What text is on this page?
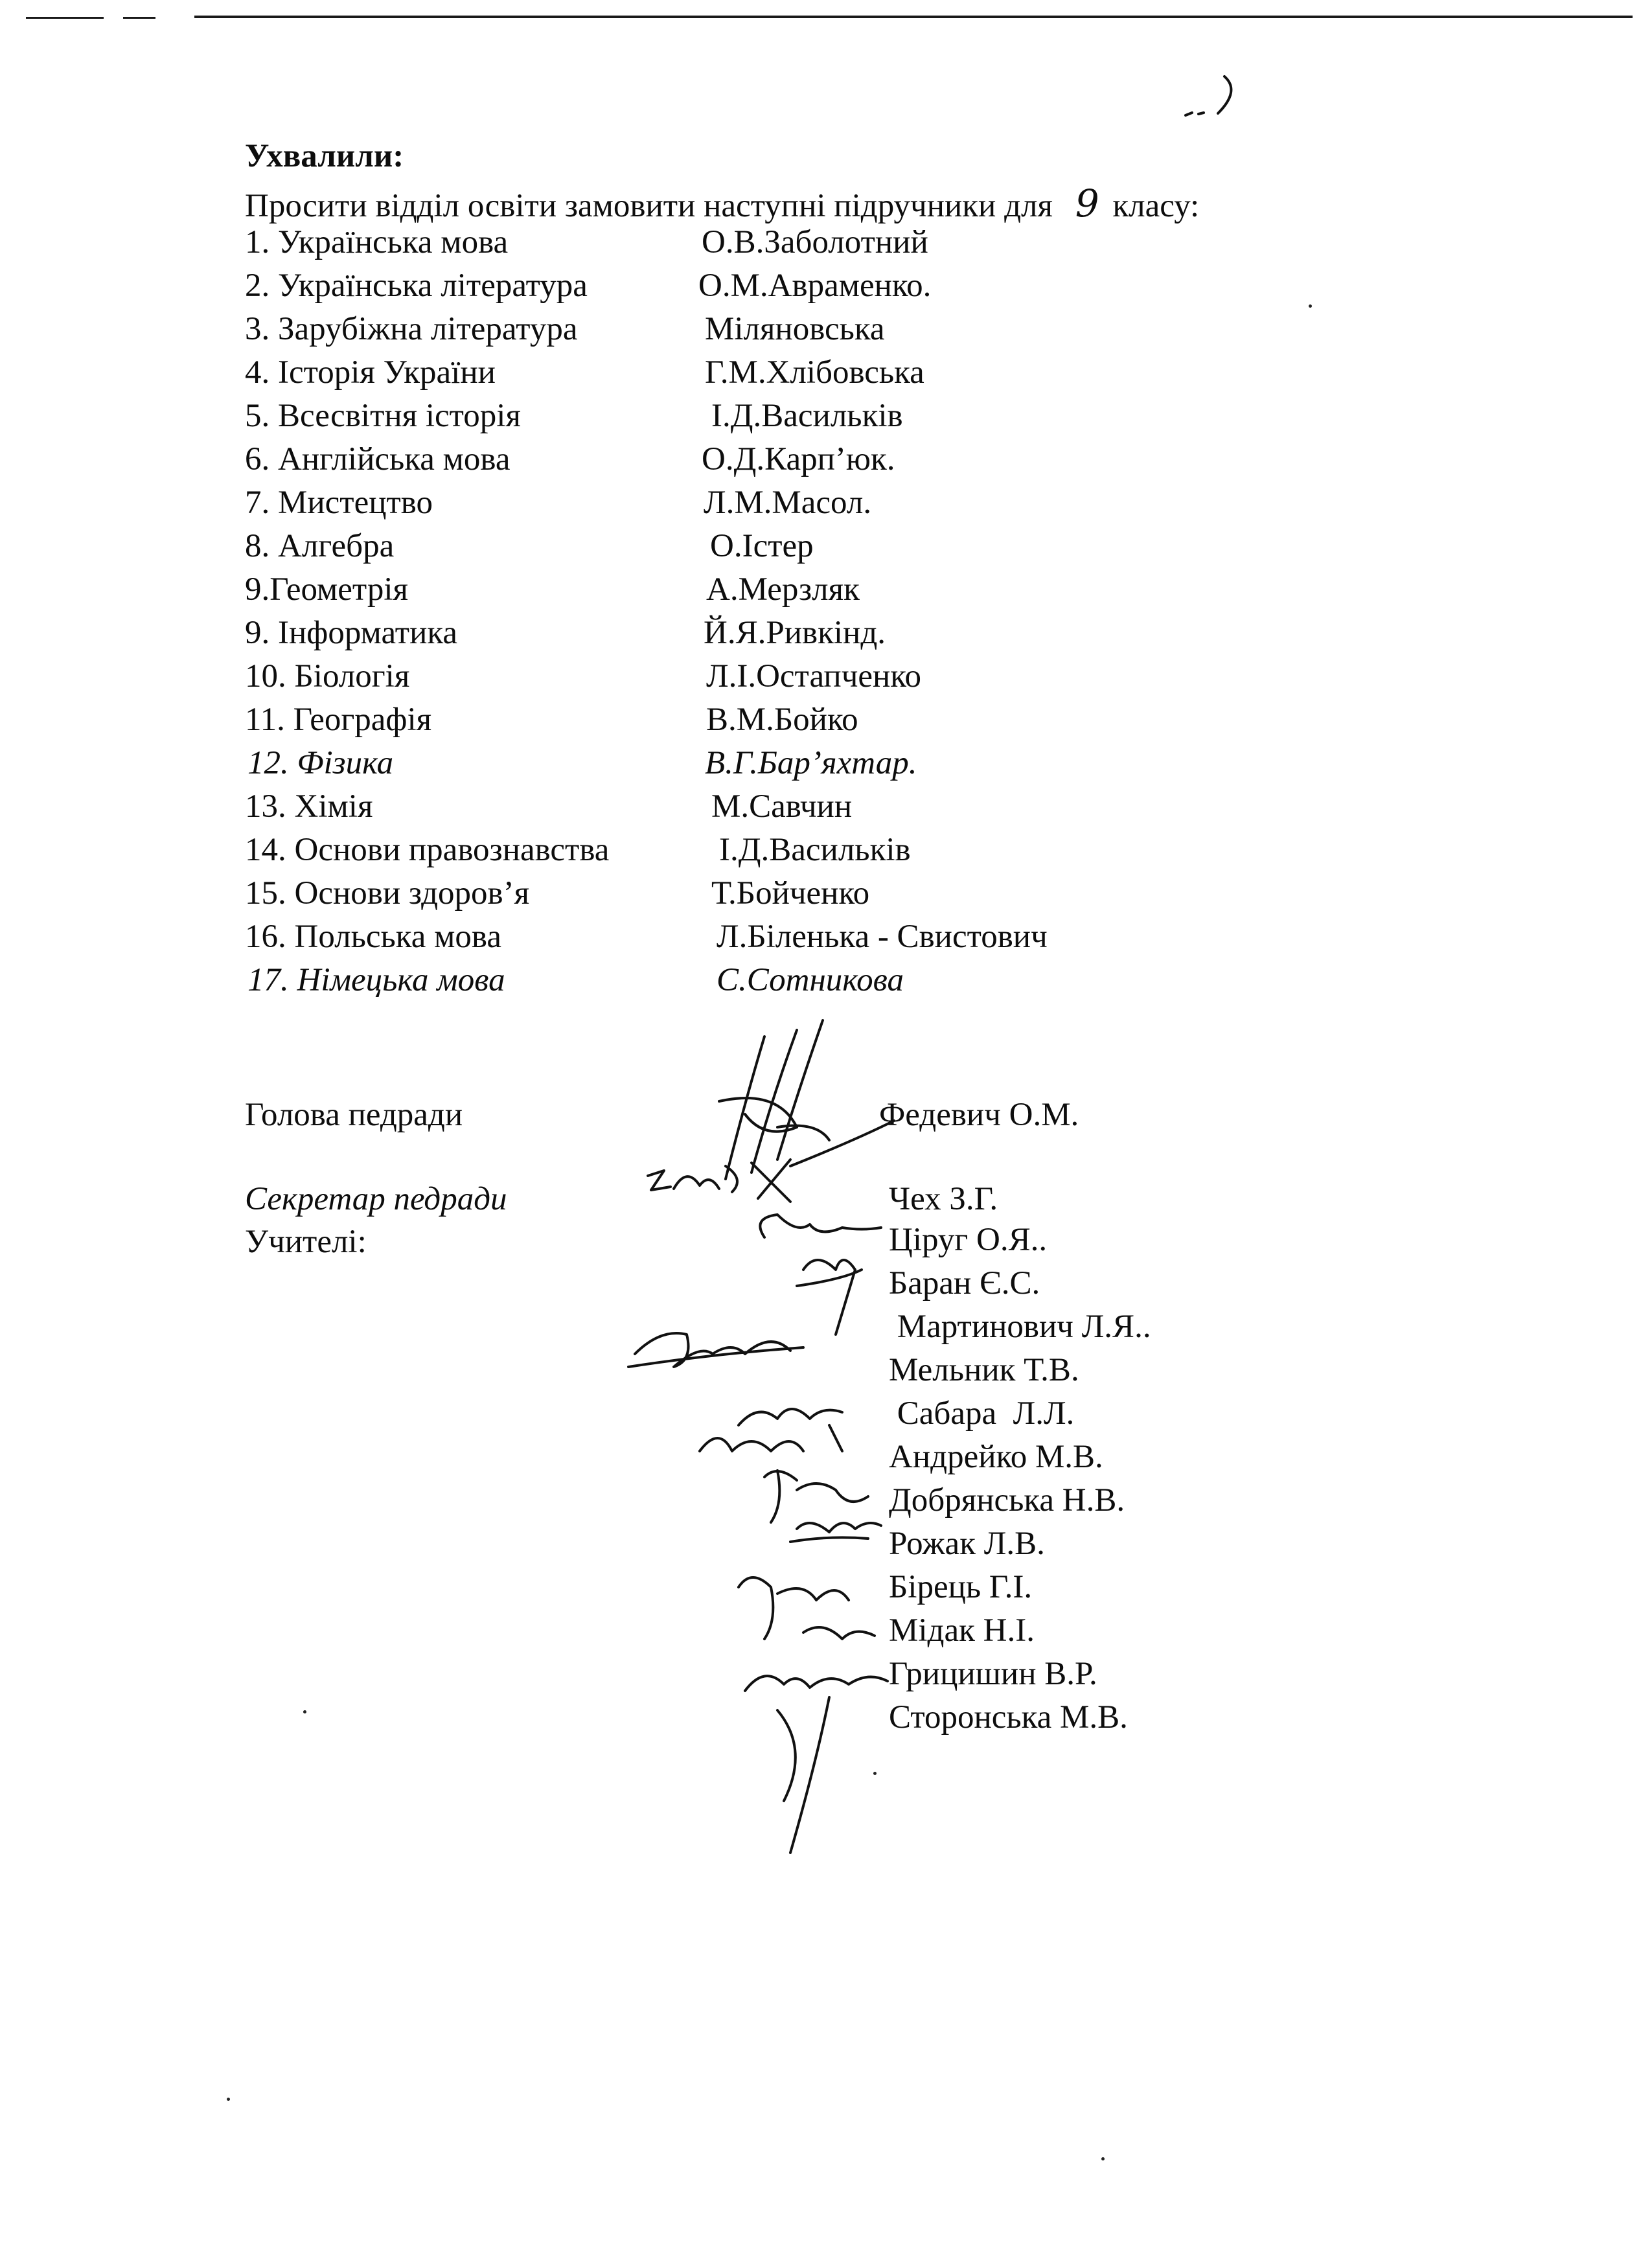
Ухвалили:
Просити відділ освіти замовити наступні підручники для 9 класу:
1. Українська мова	О.В.Заболотний
2. Українська література	О.М.Авраменко.
3. Зарубіжна література	Міляновська
4. Історія України	Г.М.Хлібовська
5. Всесвітня історія	І.Д.Васильків
6. Англійська мова	О.Д.Карп’юк.
7. Мистецтво	Л.М.Масол.
8. Алгебра	О.Істер
9.Геометрія	А.Мерзляк
9. Інформатика	Й.Я.Ривкінд.
10. Біологія	Л.І.Остапченко
11. Географія	В.М.Бойко
12. Фізика	В.Г.Бар’яхтар.
13. Хімія	М.Савчин
14. Основи правознавства	І.Д.Васильків
15. Основи здоров’я	Т.Бойченко
16. Польська мова	Л.Біленька - Свистович
17. Німецька мова	С.Сотникова
Голова педради	Федевич О.М.
Секретар педради	Чех З.Г.
Учителі:	Ціруг О.Я..
Баран Є.С.
Мартинович Л.Я..
Мельник Т.В.
Сабара  Л.Л.
Андрейко М.В.
Добрянська Н.В.
Рожак Л.В.
Бірець Г.І.
Мідак Н.І.
Грицишин В.Р.
Сторонська М.В.
